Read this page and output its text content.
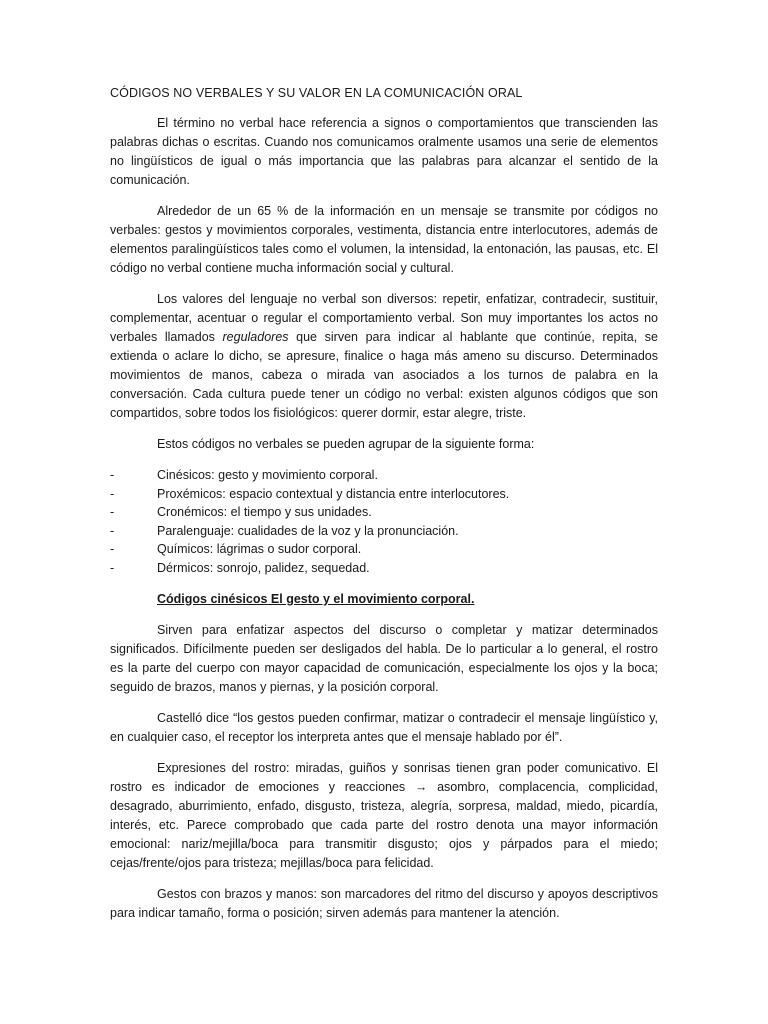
CÓDIGOS NO VERBALES Y SU VALOR EN LA COMUNICACIÓN ORAL

El término no verbal hace referencia a signos o comportamientos que transcienden las palabras dichas o escritas. Cuando nos comunicamos oralmente usamos una serie de elementos no lingüísticos de igual o más importancia que las palabras para alcanzar el sentido de la comunicación.

Alrededor de un 65 % de la información en un mensaje se transmite por códigos no verbales: gestos y movimientos corporales, vestimenta, distancia entre interlocutores, además de elementos paralingüísticos tales como el volumen, la intensidad, la entonación, las pausas, etc. El código no verbal contiene mucha información social y cultural.

Los valores del lenguaje no verbal son diversos: repetir, enfatizar, contradecir, sustituir, complementar, acentuar o regular el comportamiento verbal. Son muy importantes los actos no verbales llamados reguladores que sirven para indicar al hablante que continúe, repita, se extienda o aclare lo dicho, se apresure, finalice o haga más ameno su discurso. Determinados movimientos de manos, cabeza o mirada van asociados a los turnos de palabra en la conversación. Cada cultura puede tener un código no verbal: existen algunos códigos que son compartidos, sobre todos los fisiológicos: querer dormir, estar alegre, triste.

Estos códigos no verbales se pueden agrupar de la siguiente forma:

- Cinésicos: gesto y movimiento corporal.
- Proxémicos: espacio contextual y distancia entre interlocutores.
- Cronémicos: el tiempo y sus unidades.
- Paralenguaje: cualidades de la voz y la pronunciación.
- Químicos: lágrimas o sudor corporal.
- Dérmicos: sonrojo, palidez, sequedad.
Códigos cinésicos El gesto y el movimiento corporal.

Sirven para enfatizar aspectos del discurso o completar y matizar determinados significados. Difícilmente pueden ser desligados del habla. De lo particular a lo general, el rostro es la parte del cuerpo con mayor capacidad de comunicación, especialmente los ojos y la boca; seguido de brazos, manos y piernas, y la posición corporal.

Castelló dice “los gestos pueden confirmar, matizar o contradecir el mensaje lingüístico y, en cualquier caso, el receptor los interpreta antes que el mensaje hablado por él”.

Expresiones del rostro: miradas, guiños y sonrisas tienen gran poder comunicativo. El rostro es indicador de emociones y reacciones → asombro, complacencia, complicidad, desagrado, aburrimiento, enfado, disgusto, tristeza, alegría, sorpresa, maldad, miedo, picardía, interés, etc. Parece comprobado que cada parte del rostro denota una mayor información emocional: nariz/mejilla/boca para transmitir disgusto; ojos y párpados para el miedo; cejas/frente/ojos para tristeza; mejillas/boca para felicidad.

Gestos con brazos y manos: son marcadores del ritmo del discurso y apoyos descriptivos para indicar tamaño, forma o posición; sirven además para mantener la atención.
